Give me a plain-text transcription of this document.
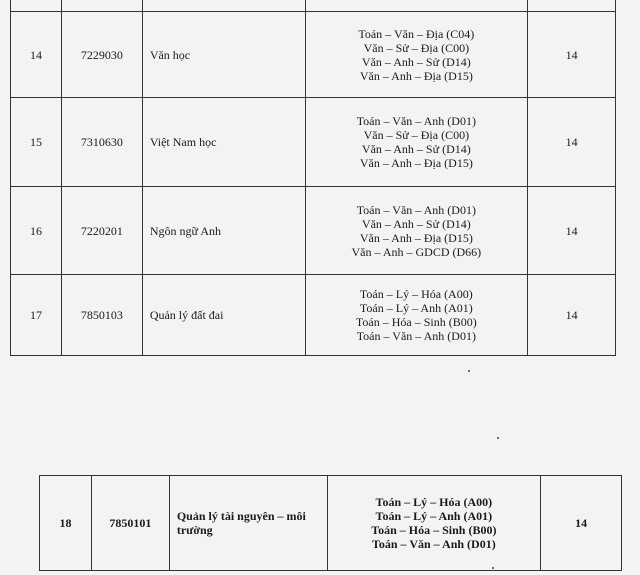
14	7229030	Văn học	Toán – Văn – Địa (C04)
Văn – Sử – Địa (C00)
Văn – Anh – Sử (D14)
Văn – Anh – Địa (D15)	14
15	7310630	Việt Nam học	Toán – Văn – Anh (D01)
Văn – Sử – Địa (C00)
Văn – Anh – Sử (D14)
Văn – Anh – Địa (D15)	14
16	7220201	Ngôn ngữ Anh	Toán – Văn – Anh (D01)
Văn – Anh – Sử (D14)
Văn – Anh – Địa (D15)
Văn – Anh – GDCD (D66)	14
17	7850103	Quản lý đất đai	Toán – Lý – Hóa (A00)
Toán – Lý – Anh (A01)
Toán – Hóa – Sinh (B00)
Toán – Văn – Anh (D01)	14
18	7850101	Quản lý tài nguyên – môi trường	
Toán – Lý – Hóa (A00)
Toán – Lý – Anh (A01)
Toán – Hóa – Sinh (B00)
Toán – Văn – Anh (D01)
	14
